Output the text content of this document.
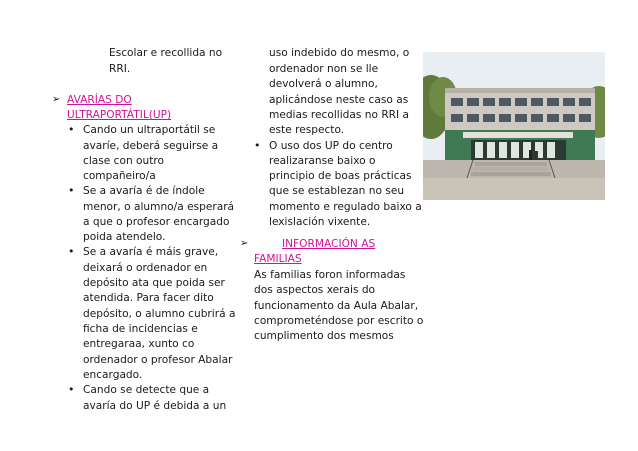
Escolar e recollida no
RRI.
➢ AVARÍAS DO
ULTRAPORTÁTIL(UP)
• Cando un ultraportátil se
avaríe, deberá seguirse a
clase con outro
compañeiro/a
• Se a avaría é de índole
menor, o alumno/a esperará
a que o profesor encargado
poida atendelo.
• Se a avaría é máis grave,
deixará o ordenador en
depósito ata que poida ser
atendida. Para facer dito
depósito, o alumno cubrirá a
ficha de incidencias e
entregaraa, xunto co
ordenador o profesor Abalar
encargado.
• Cando se detecte que a
avaría do UP é debida a un
uso indebido do mesmo, o
ordenador non se lle
devolverá o alumno,
aplicándose neste caso as
medias recollidas no RRI a
este respecto.
• O uso dos UP do centro
realizaranse baixo o
principio de boas prácticas
que se establezan no seu
momento e regulado baixo a
lexislación vixente.
➢	INFORMACIÓN AS
FAMILIAS
As familias foron informadas
dos aspectos xerais do
funcionamento da Aula Abalar,
comprometéndose por escrito o
cumplimento dos mesmos
